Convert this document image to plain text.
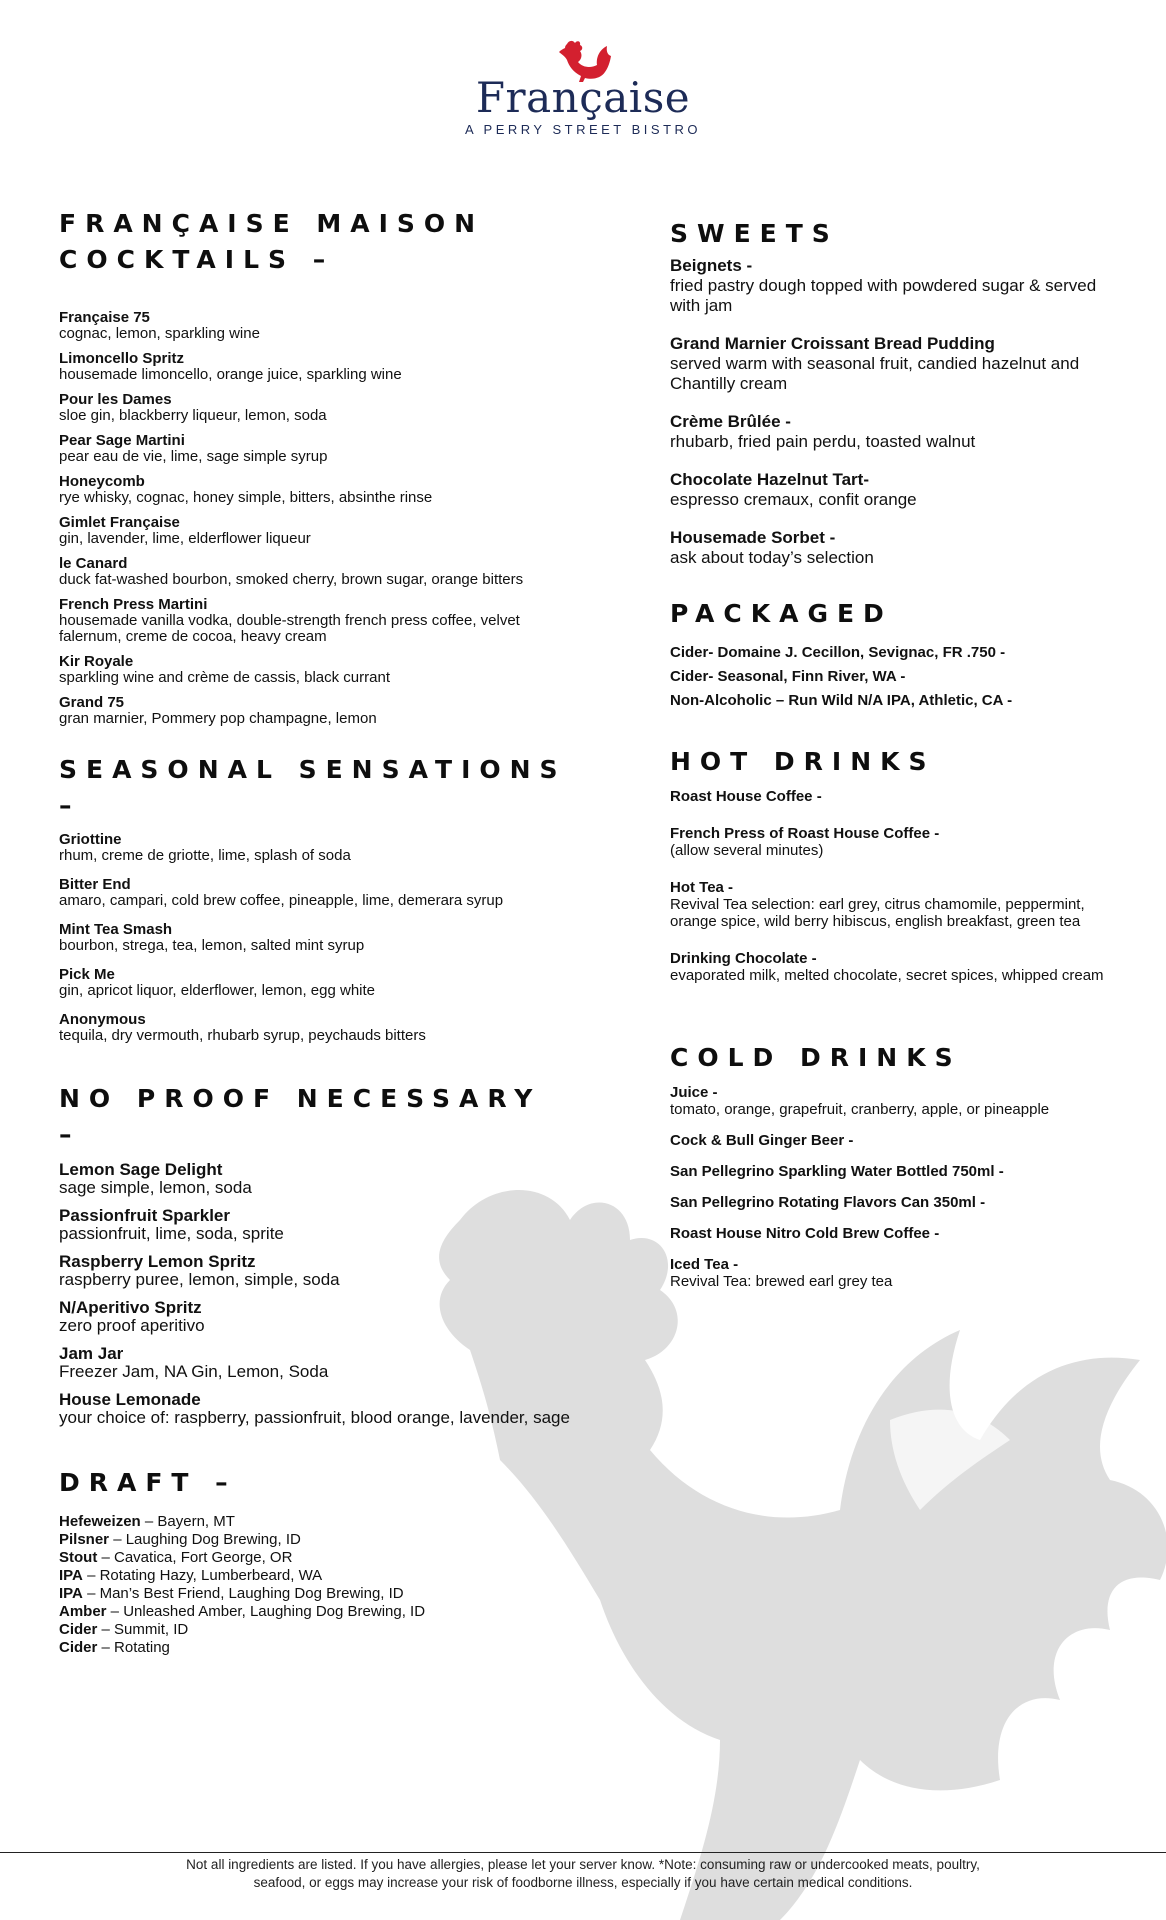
Française
A PERRY STREET BISTRO
FRANÇAISE MAISON COCKTAILS –
Française 75
cognac, lemon, sparkling wine
Limoncello Spritz
housemade limoncello, orange juice, sparkling wine
Pour les Dames
sloe gin, blackberry liqueur, lemon, soda
Pear Sage Martini
pear eau de vie, lime, sage simple syrup
Honeycomb
rye whisky, cognac, honey simple, bitters, absinthe rinse
Gimlet Française
gin, lavender, lime, elderflower liqueur
le Canard
duck fat-washed bourbon, smoked cherry, brown sugar, orange bitters
French Press Martini
housemade vanilla vodka, double-strength french press coffee, velvet falernum, creme de cocoa, heavy cream
Kir Royale
sparkling wine and crème de cassis, black currant
Grand 75
gran marnier, Pommery pop champagne, lemon
SEASONAL SENSATIONS –
Griottine
rhum, creme de griotte, lime, splash of soda
Bitter End
amaro, campari, cold brew coffee, pineapple, lime, demerara syrup
Mint Tea Smash
bourbon, strega, tea, lemon, salted mint syrup
Pick Me
gin, apricot liquor, elderflower, lemon, egg white
Anonymous
tequila, dry vermouth, rhubarb syrup, peychauds bitters
NO PROOF NECESSARY –
Lemon Sage Delight
sage simple, lemon, soda
Passionfruit Sparkler
passionfruit, lime, soda, sprite
Raspberry Lemon Spritz
raspberry puree, lemon, simple, soda
N/Aperitivo Spritz
zero proof aperitivo
Jam Jar
Freezer Jam, NA Gin, Lemon, Soda
House Lemonade
your choice of: raspberry, passionfruit, blood orange, lavender, sage
DRAFT –
Hefeweizen – Bayern, MT
Pilsner – Laughing Dog Brewing, ID
Stout – Cavatica, Fort George, OR
IPA – Rotating Hazy, Lumberbeard, WA
IPA – Man’s Best Friend, Laughing Dog Brewing, ID
Amber – Unleashed Amber, Laughing Dog Brewing, ID
Cider – Summit, ID
Cider – Rotating
SWEETS
Beignets -
fried pastry dough topped with powdered sugar & served with jam
Grand Marnier Croissant Bread Pudding
served warm with seasonal fruit, candied hazelnut and Chantilly cream
Crème Brûlée -
rhubarb, fried pain perdu, toasted walnut
Chocolate Hazelnut Tart-
espresso cremaux, confit orange
Housemade Sorbet -
ask about today’s selection
PACKAGED
Cider- Domaine J. Cecillon, Sevignac, FR .750 -
Cider- Seasonal, Finn River, WA -
Non-Alcoholic – Run Wild N/A IPA, Athletic, CA -
HOT DRINKS
Roast House Coffee -
French Press of Roast House Coffee -
(allow several minutes)
Hot Tea -
Revival Tea selection: earl grey, citrus chamomile, peppermint, orange spice, wild berry hibiscus, english breakfast, green tea
Drinking Chocolate -
evaporated milk, melted chocolate, secret spices, whipped cream
COLD DRINKS
Juice -
tomato, orange, grapefruit, cranberry, apple, or pineapple
Cock & Bull Ginger Beer -
San Pellegrino Sparkling Water Bottled 750ml -
San Pellegrino Rotating Flavors Can 350ml -
Roast House Nitro Cold Brew Coffee -
Iced Tea -
Revival Tea: brewed earl grey tea
Not all ingredients are listed. If you have allergies, please let your server know. *Note: consuming raw or undercooked meats, poultry,
seafood, or eggs may increase your risk of foodborne illness, especially if you have certain medical conditions.
